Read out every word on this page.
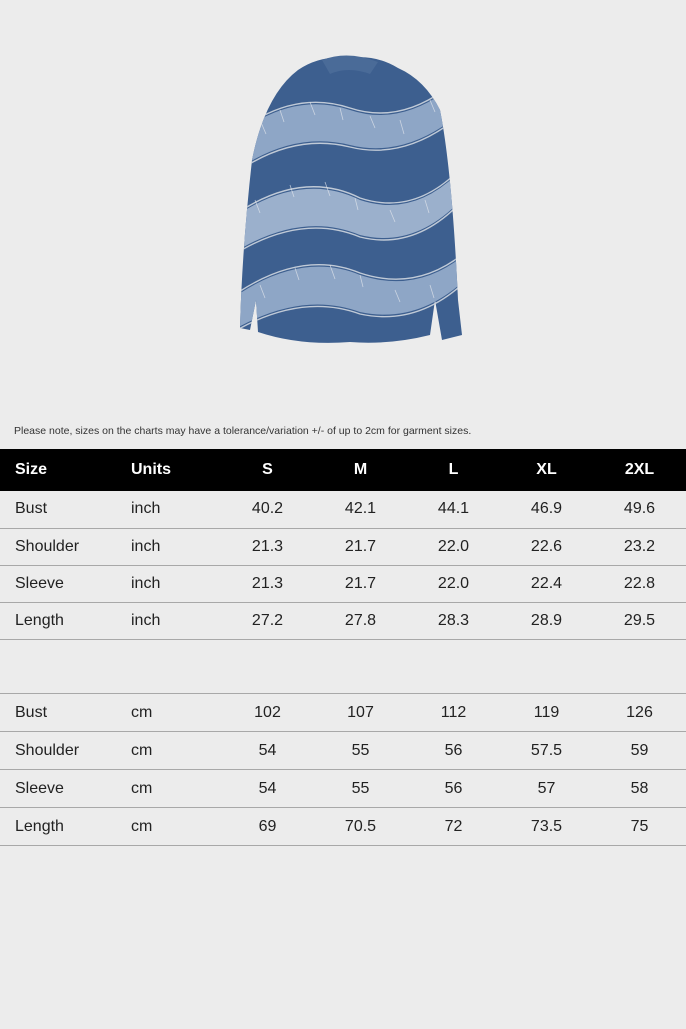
Please note, sizes on the charts may have a tolerance/variation +/- of up to 2cm for garment sizes.
Size	Units	S	M	L	XL	2XL
Bust	inch	40.2	42.1	44.1	46.9	49.6
Shoulder	inch	21.3	21.7	22.0	22.6	23.2
Sleeve	inch	21.3	21.7	22.0	22.4	22.8
Length	inch	27.2	27.8	28.3	28.9	29.5
Bust	cm	102	107	112	119	126
Shoulder	cm	54	55	56	57.5	59
Sleeve	cm	54	55	56	57	58
Length	cm	69	70.5	72	73.5	75
